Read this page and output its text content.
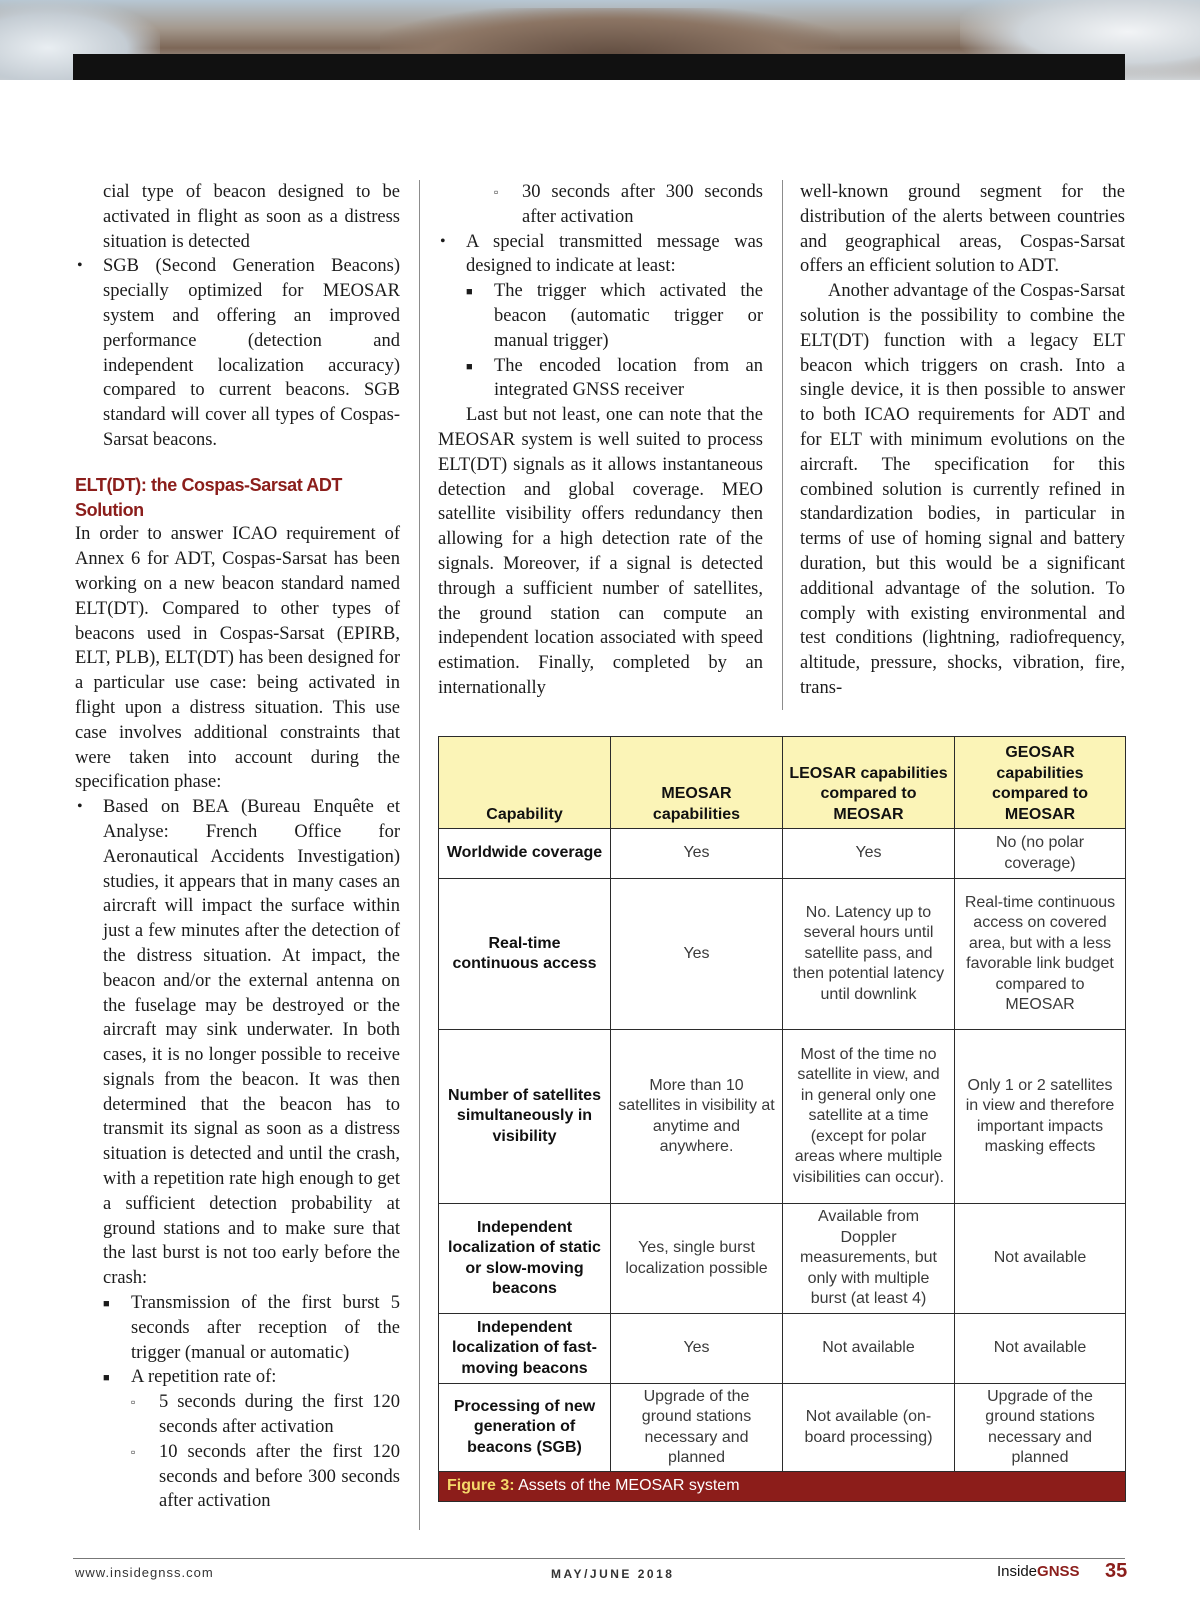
cial type of beacon designed to be activated in flight as soon as a distress situation is detected

• SGB (Second Generation Beacons) specially optimized for MEOSAR system and offering an improved performance (detection and independent localization accuracy) compared to current beacons. SGB standard will cover all types of Cospas-Sarsat beacons.
ELT(DT): the Cospas-Sarsat ADT Solution

In order to answer ICAO requirement of Annex 6 for ADT, Cospas-Sarsat has been working on a new beacon standard named ELT(DT). Compared to other types of beacons used in Cospas-Sarsat (EPIRB, ELT, PLB), ELT(DT) has been designed for a particular use case: being activated in flight upon a distress situation. This use case involves additional constraints that were taken into account during the specification phase:

• Based on BEA (Bureau Enquête et Analyse: French Office for Aeronautical Accidents Investigation) studies, it appears that in many cases an aircraft will impact the surface within just a few minutes after the detection of the distress situation. At impact, the beacon and/or the external antenna on the fuselage may be destroyed or the aircraft may sink underwater. In both cases, it is no longer possible to receive signals from the beacon. It was then determined that the beacon has to transmit its signal as soon as a distress situation is detected and until the crash, with a repetition rate high enough to get a sufficient detection probability at ground stations and to make sure that the last burst is not too early before the crash:
■ Transmission of the first burst 5 seconds after reception of the trigger (manual or automatic)
■ A repetition rate of:
▫ 5 seconds during the first 120 seconds after activation
▫ 10 seconds after the first 120 seconds and before 300 seconds after activation
▫ 30 seconds after 300 seconds after activation
• A special transmitted message was designed to indicate at least:
■ The trigger which activated the beacon (automatic trigger or manual trigger)
■ The encoded location from an integrated GNSS receiver

Last but not least, one can note that the MEOSAR system is well suited to process ELT(DT) signals as it allows instantaneous detection and global coverage. MEO satellite visibility offers redundancy then allowing for a high detection rate of the signals. Moreover, if a signal is detected through a sufficient number of satellites, the ground station can compute an independent location associated with speed estimation. Finally, completed by an internationally

well-known ground segment for the distribution of the alerts between countries and geographical areas, Cospas-Sarsat offers an efficient solution to ADT.

Another advantage of the Cospas-Sarsat solution is the possibility to combine the ELT(DT) function with a legacy ELT beacon which triggers on crash. Into a single device, it is then possible to answer to both ICAO requirements for ADT and for ELT with minimum evolutions on the aircraft. The specification for this combined solution is currently refined in standardization bodies, in particular in terms of use of homing signal and battery duration, but this would be a significant additional advantage of the solution. To comply with existing environmental and test conditions (lightning, radiofrequency, altitude, pressure, shocks, vibration, fire, trans-

Capability	MEOSAR capabilities	LEOSAR capabilities compared to MEOSAR	GEOSAR capabilities compared to MEOSAR
Worldwide coverage	Yes	Yes	No (no polar coverage)
Real-time continuous access	Yes	No. Latency up to several hours until satellite pass, and then potential latency until downlink	Real-time continuous access on covered area, but with a less favorable link budget compared to MEOSAR
Number of satellites simultaneously in visibility	More than 10 satellites in visibility at anytime and anywhere.	Most of the time no satellite in view, and in general only one satellite at a time (except for polar areas where multiple visibilities can occur).	Only 1 or 2 satellites in view and therefore important impacts masking effects
Independent localization of static or slow-moving beacons	Yes, single burst localization possible	Available from Doppler measurements, but only with multiple burst (at least 4)	Not available
Independent localization of fast-moving beacons	Yes	Not available	Not available
Processing of new generation of beacons (SGB)	Upgrade of the ground stations necessary and planned	Not available (on-board processing)	Upgrade of the ground stations necessary and planned
Figure 3: Assets of the MEOSAR system			
www.insidegnss.com	MAY/JUNE 2018	InsideGNSS 35
